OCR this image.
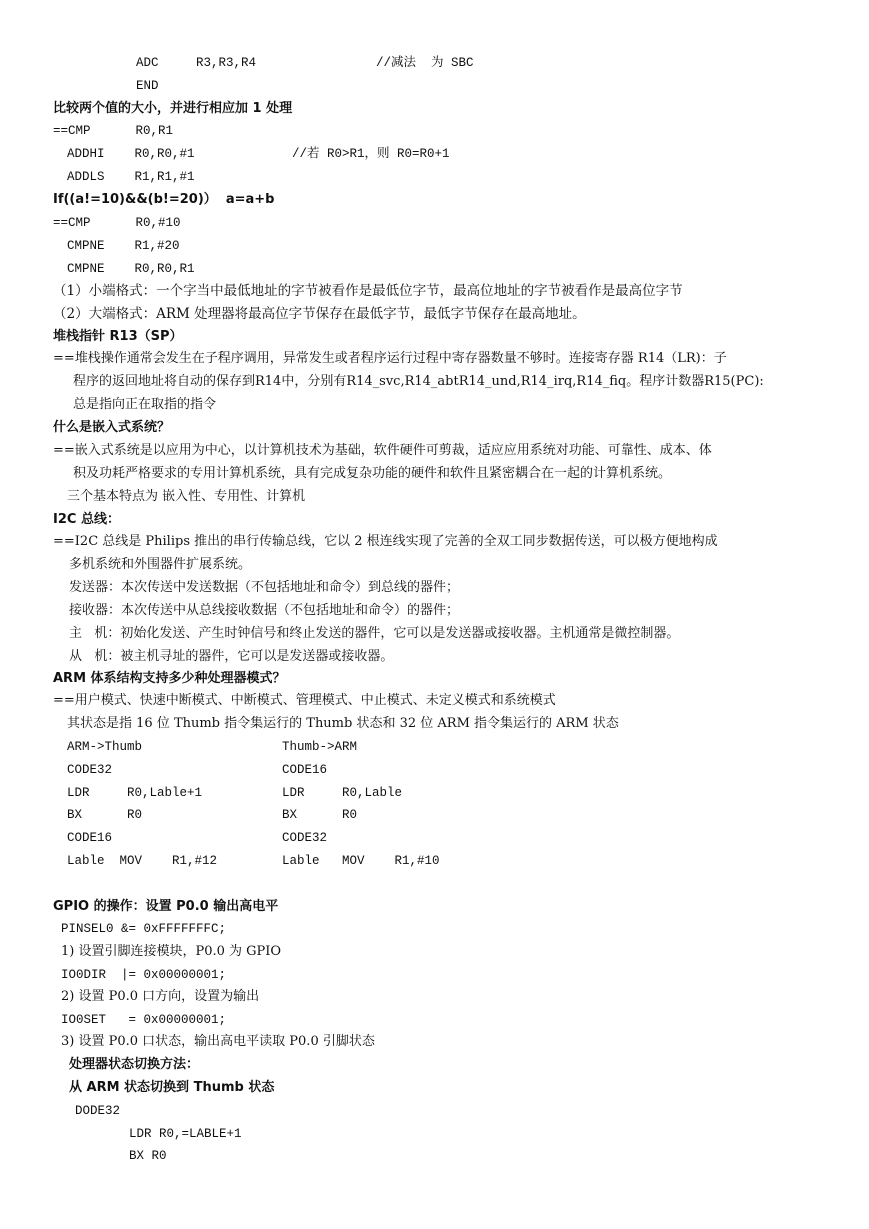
ADC     R3,R3,R4                //减法  为 SBC
END
比较两个值的大小，并进行相应加 1 处理
==CMP      R0,R1
ADDHI    R0,R0,#1             //若 R0>R1，则 R0=R0+1
ADDLS    R1,R1,#1
If((a!=10)&&(b!=20)）  a=a+b
==CMP      R0,#10
CMPNE    R1,#20
CMPNE    R0,R0,R1
（1）小端格式：一个字当中最低地址的字节被看作是最低位字节，最高位地址的字节被看作是最高位字节
（2）大端格式：ARM 处理器将最高位字节保存在最低字节，最低字节保存在最高地址。
堆栈指针 R13（SP）
==堆栈操作通常会发生在子程序调用，异常发生或者程序运行过程中寄存器数量不够时。连接寄存器 R14（LR)：子
程序的返回地址将自动的保存到R14中，分别有R14_svc,R14_abtR14_und,R14_irq,R14_fiq。程序计数器R15(PC):
总是指向正在取指的指令
什么是嵌入式系统？
==嵌入式系统是以应用为中心，以计算机技术为基础，软件硬件可剪裁，适应应用系统对功能、可靠性、成本、体
积及功耗严格要求的专用计算机系统，具有完成复杂功能的硬件和软件且紧密耦合在一起的计算机系统。
三个基本特点为 嵌入性、专用性、计算机
I2C 总线：
==I2C 总线是 Philips 推出的串行传输总线，它以 2 根连线实现了完善的全双工同步数据传送，可以极方便地构成
多机系统和外围器件扩展系统。
发送器：本次传送中发送数据（不包括地址和命令）到总线的器件；
接收器：本次传送中从总线接收数据（不包括地址和命令）的器件；
主   机：初始化发送、产生时钟信号和终止发送的器件，它可以是发送器或接收器。主机通常是微控制器。
从   机：被主机寻址的器件，它可以是发送器或接收器。
ARM 体系结构支持多少种处理器模式？
==用户模式、快速中断模式、中断模式、管理模式、中止模式、未定义模式和系统模式
其状态是指 16 位 Thumb 指令集运行的 Thumb 状态和 32 位 ARM 指令集运行的 ARM 状态
ARM->Thumb	Thumb->ARM
CODE32	CODE16
LDR     R0,Lable+1	LDR     R0,Lable
BX      R0	BX      R0
CODE16	CODE32
Lable  MOV    R1,#12	Lable   MOV    R1,#10
GPIO 的操作：设置 P0.0 输出高电平
PINSEL0 &= 0xFFFFFFFC;
1) 设置引脚连接模块，P0.0 为 GPIO
IO0DIR  |= 0x00000001;
2) 设置 P0.0 口方向，设置为输出
IO0SET   = 0x00000001;
3) 设置 P0.0 口状态，输出高电平读取 P0.0 引脚状态
处理器状态切换方法：
从 ARM 状态切换到 Thumb 状态
DODE32
LDR R0,=LABLE+1
BX R0
